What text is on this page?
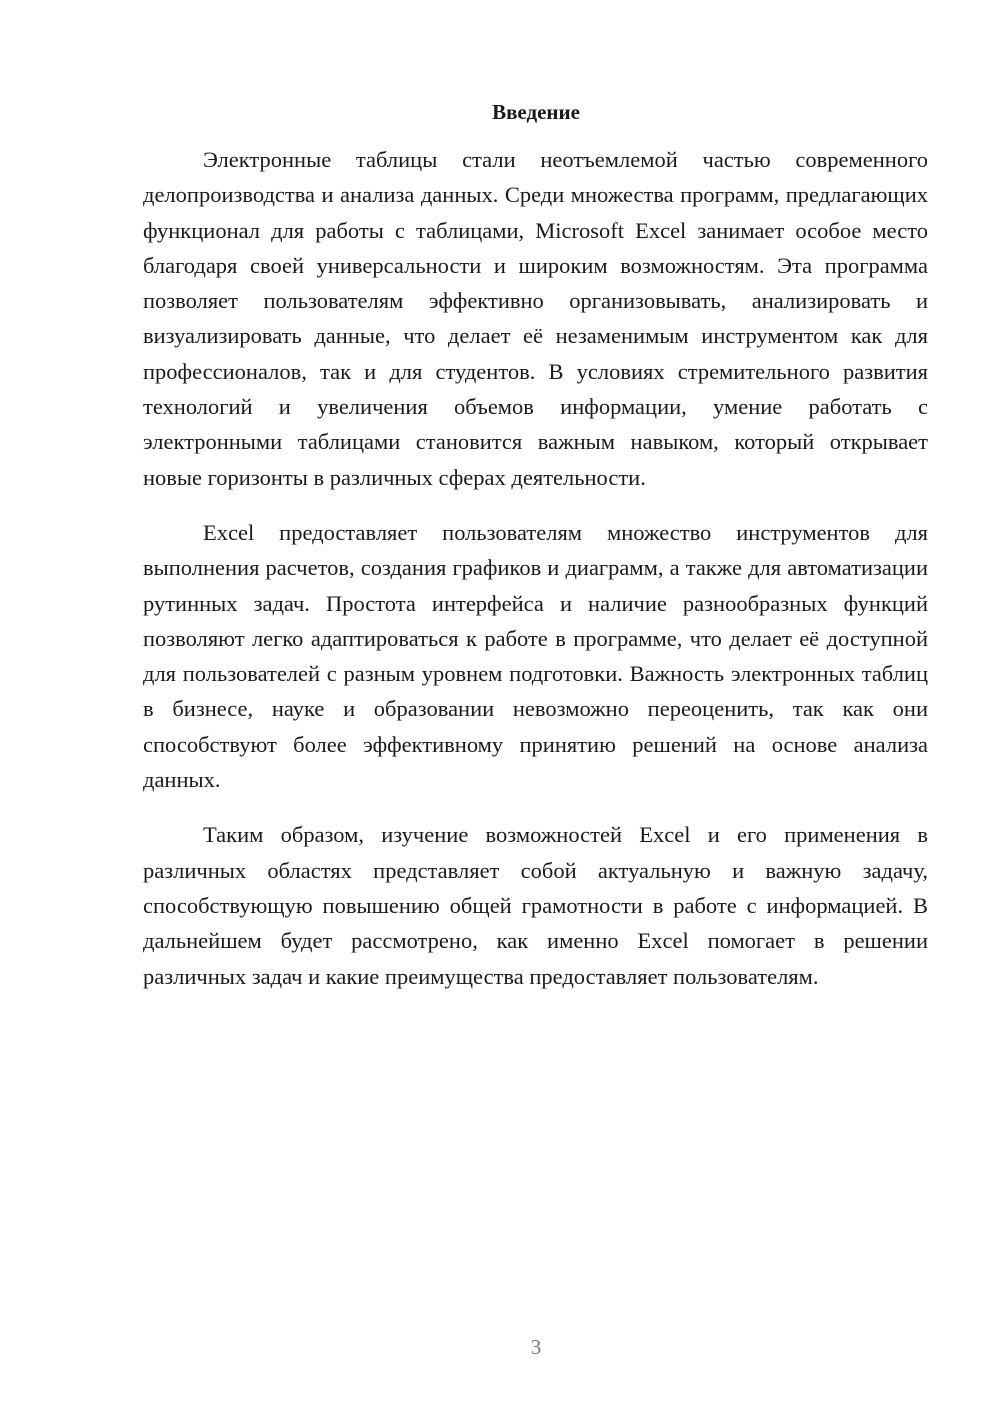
Введение

Электронные таблицы стали неотъемлемой частью современного делопроизводства и анализа данных. Среди множества программ, предлагающих функционал для работы с таблицами, Microsoft Excel занимает особое место благодаря своей универсальности и широким возможностям. Эта программа позволяет пользователям эффективно организовывать, анализировать и визуализировать данные, что делает её незаменимым инструментом как для профессионалов, так и для студентов. В условиях стремительного развития технологий и увеличения объемов информации, умение работать с электронными таблицами становится важным навыком, который открывает новые горизонты в различных сферах деятельности.

Excel предоставляет пользователям множество инструментов для выполнения расчетов, создания графиков и диаграмм, а также для автоматизации рутинных задач. Простота интерфейса и наличие разнообразных функций позволяют легко адаптироваться к работе в программе, что делает её доступной для пользователей с разным уровнем подготовки. Важность электронных таблиц в бизнесе, науке и образовании невозможно переоценить, так как они способствуют более эффективному принятию решений на основе анализа данных.

Таким образом, изучение возможностей Excel и его применения в различных областях представляет собой актуальную и важную задачу, способствующую повышению общей грамотности в работе с информацией. В дальнейшем будет рассмотрено, как именно Excel помогает в решении различных задач и какие преимущества предоставляет пользователям.

3
